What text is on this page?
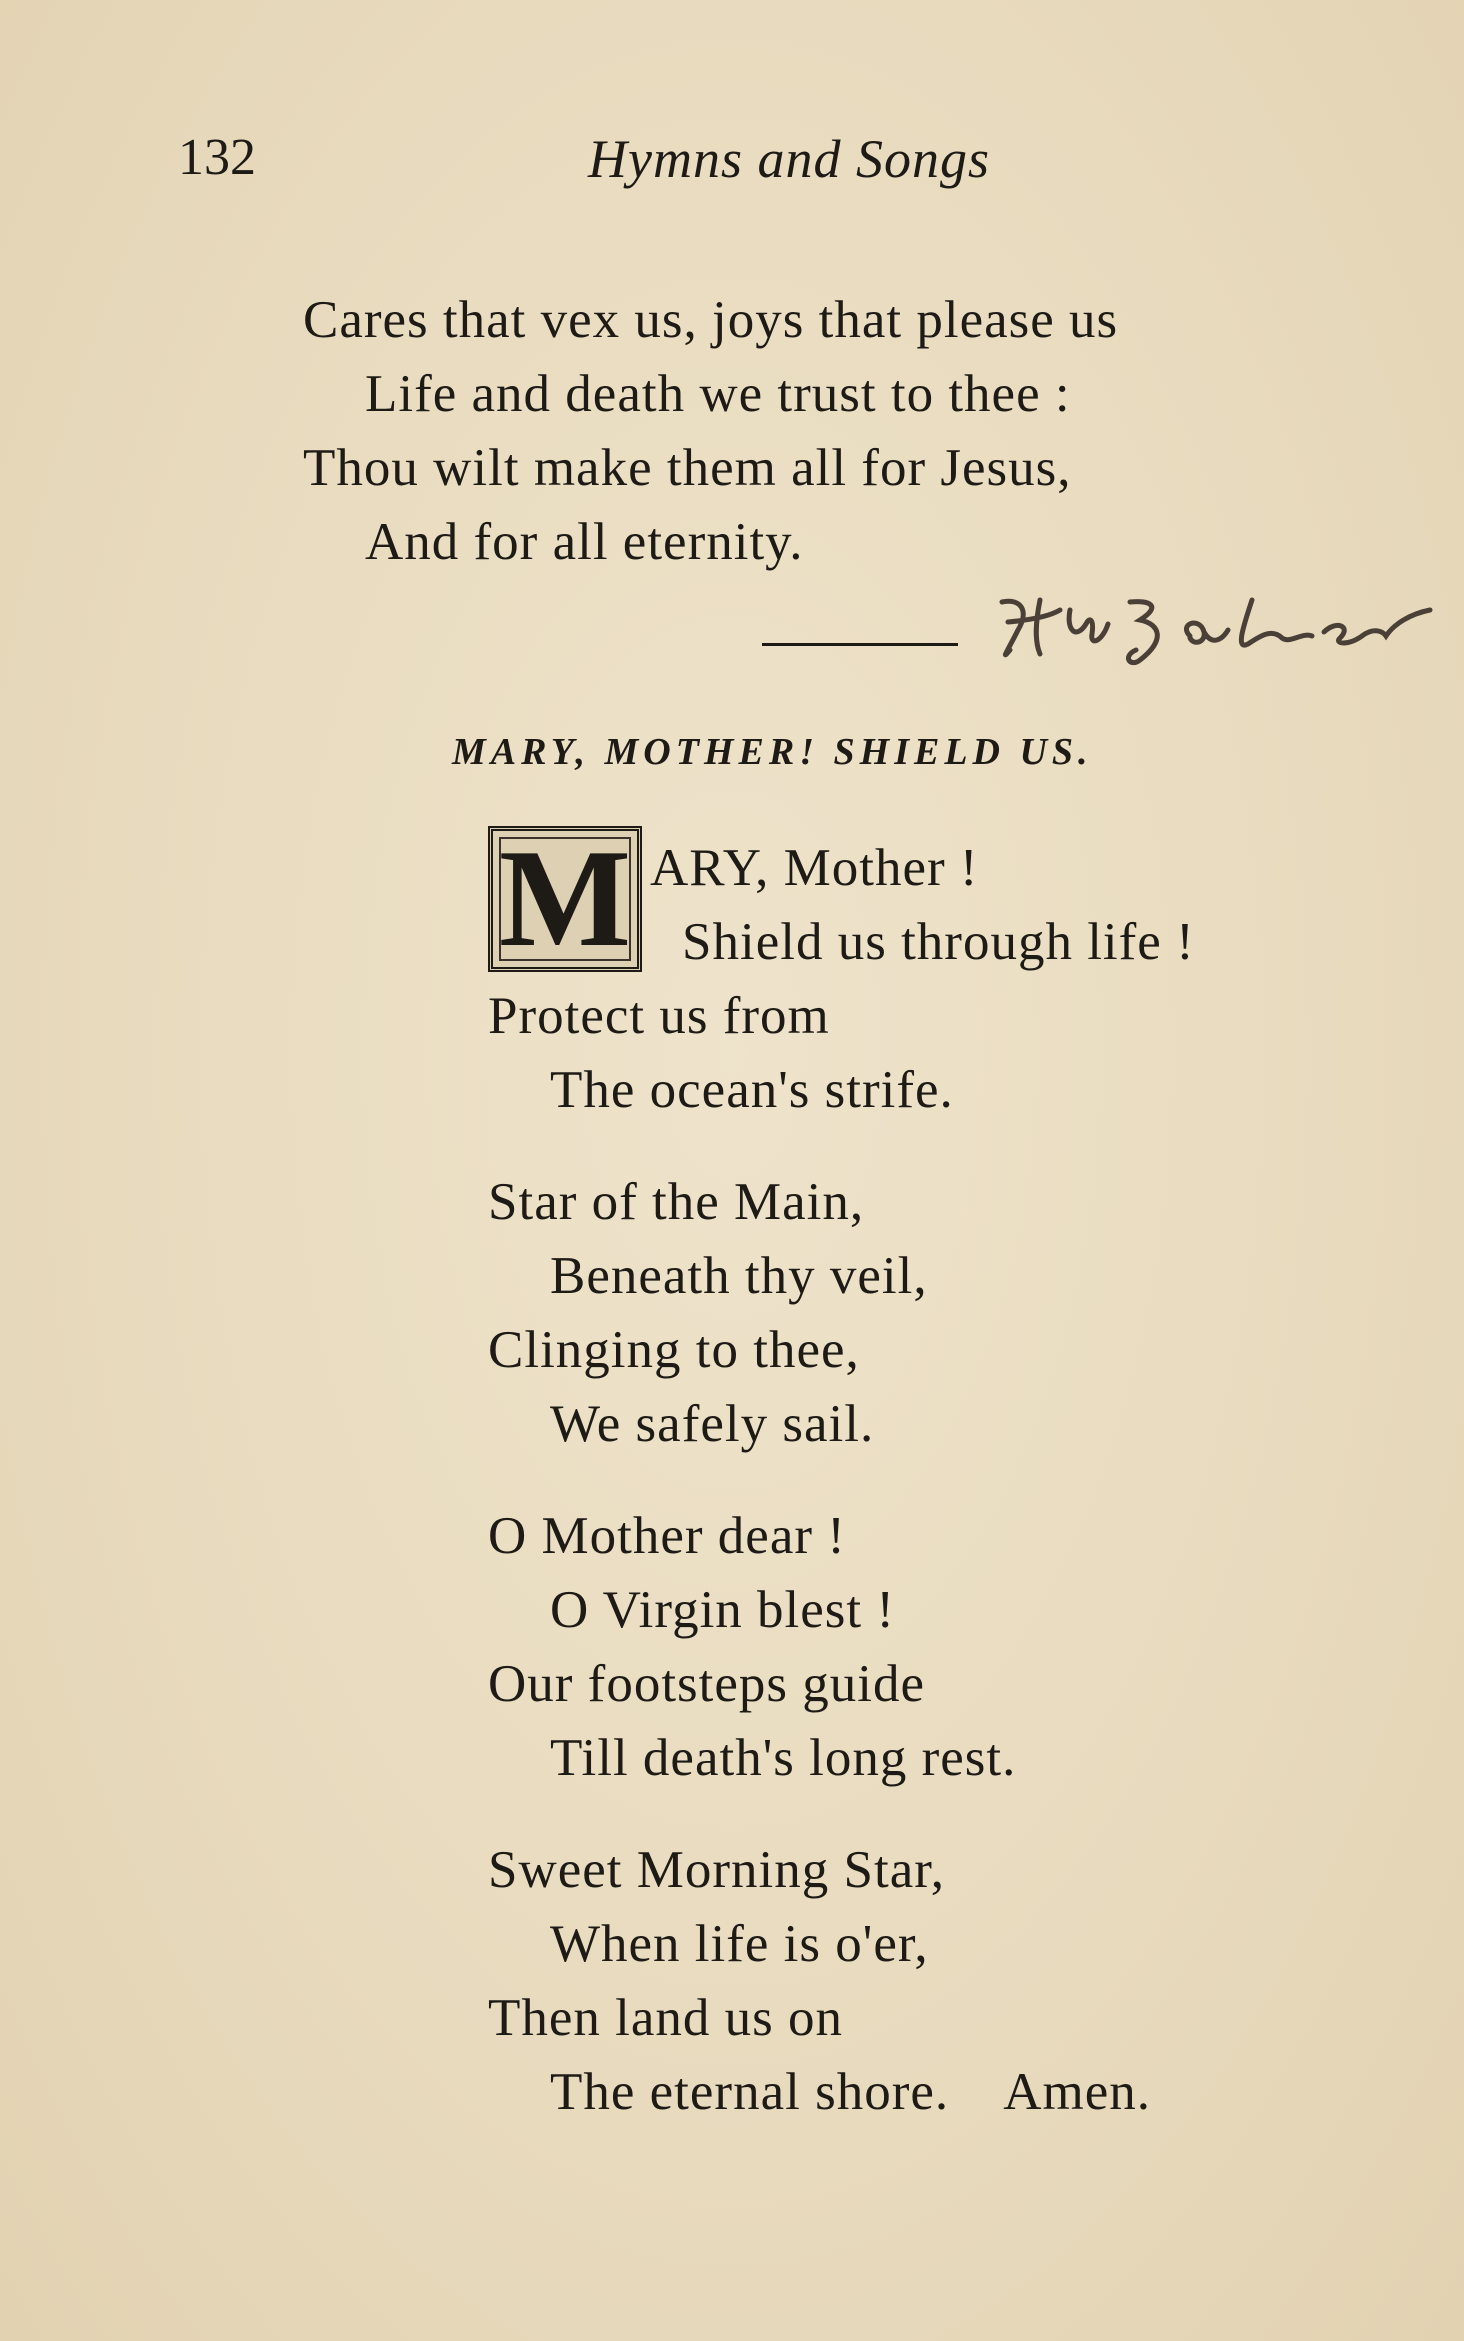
132	Hymns and Songs
Cares that vex us, joys that please us
Life and death we trust to thee :
Thou wilt make them all for Jesus,
And for all eternity.
MARY, MOTHER! SHIELD US.
M ARY, Mother !
Shield us through life !
Protect us from
The ocean's strife.
Star of the Main,
Beneath thy veil,
Clinging to thee,
We safely sail.
O Mother dear !
O Virgin blest !
Our footsteps guide
Till death's long rest.
Sweet Morning Star,
When life is o'er,
Then land us on
The eternal shore.    Amen.
